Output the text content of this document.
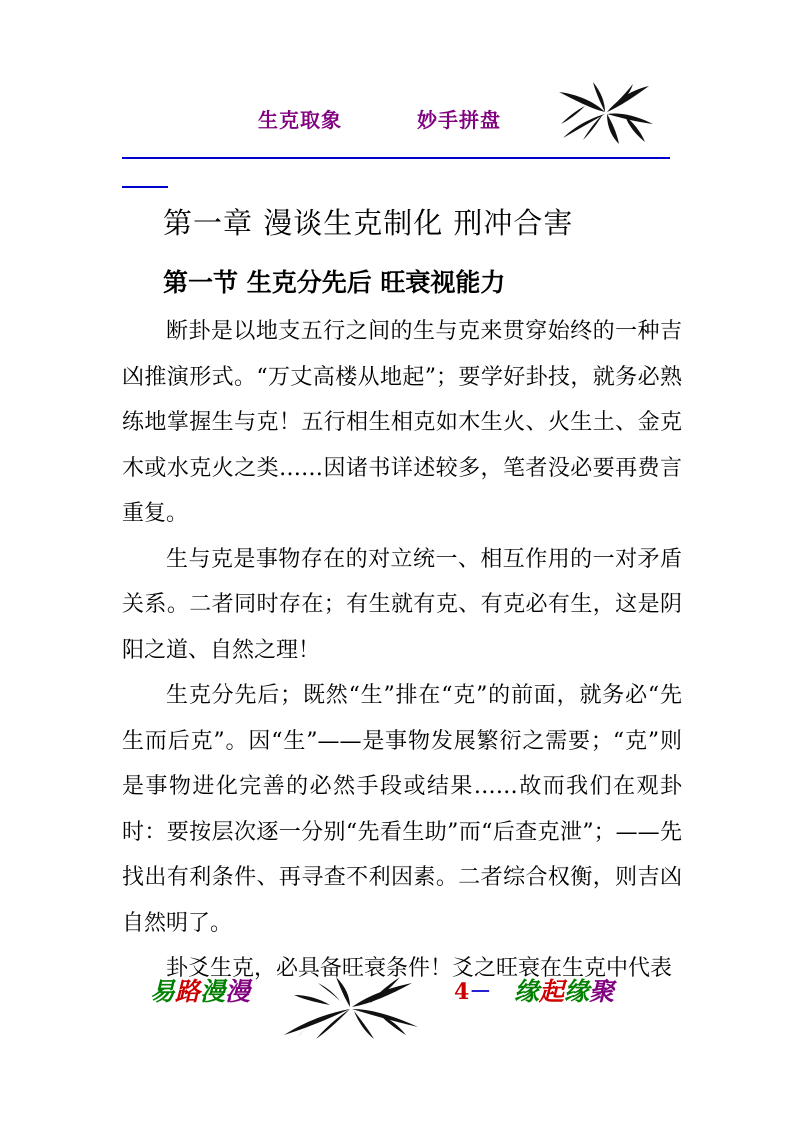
生克取象	妙手拼盘
第一章 漫谈生克制化 刑冲合害
第一节 生克分先后 旺衰视能力

断卦是以地支五行之间的生与克来贯穿始终的一种吉凶推演形式。“万丈高楼从地起”；要学好卦技，就务必熟练地掌握生与克！五行相生相克如木生火、火生土、金克木或水克火之类……因诸书详述较多，笔者没必要再费言重复。

生与克是事物存在的对立统一、相互作用的一对矛盾关系。二者同时存在；有生就有克、有克必有生，这是阴阳之道、自然之理！

生克分先后；既然“生”排在“克”的前面，就务必“先生而后克”。因“生”——是事物发展繁衍之需要；“克”则是事物进化完善的必然手段或结果……故而我们在观卦时：要按层次逐一分别“先看生助”而“后查克泄”；——先找出有利条件、再寻查不利因素。二者综合权衡，则吉凶自然明了。

卦爻生克，必具备旺衰条件！爻之旺衰在生克中代表

易路漫漫	4－ 缘起缘聚
